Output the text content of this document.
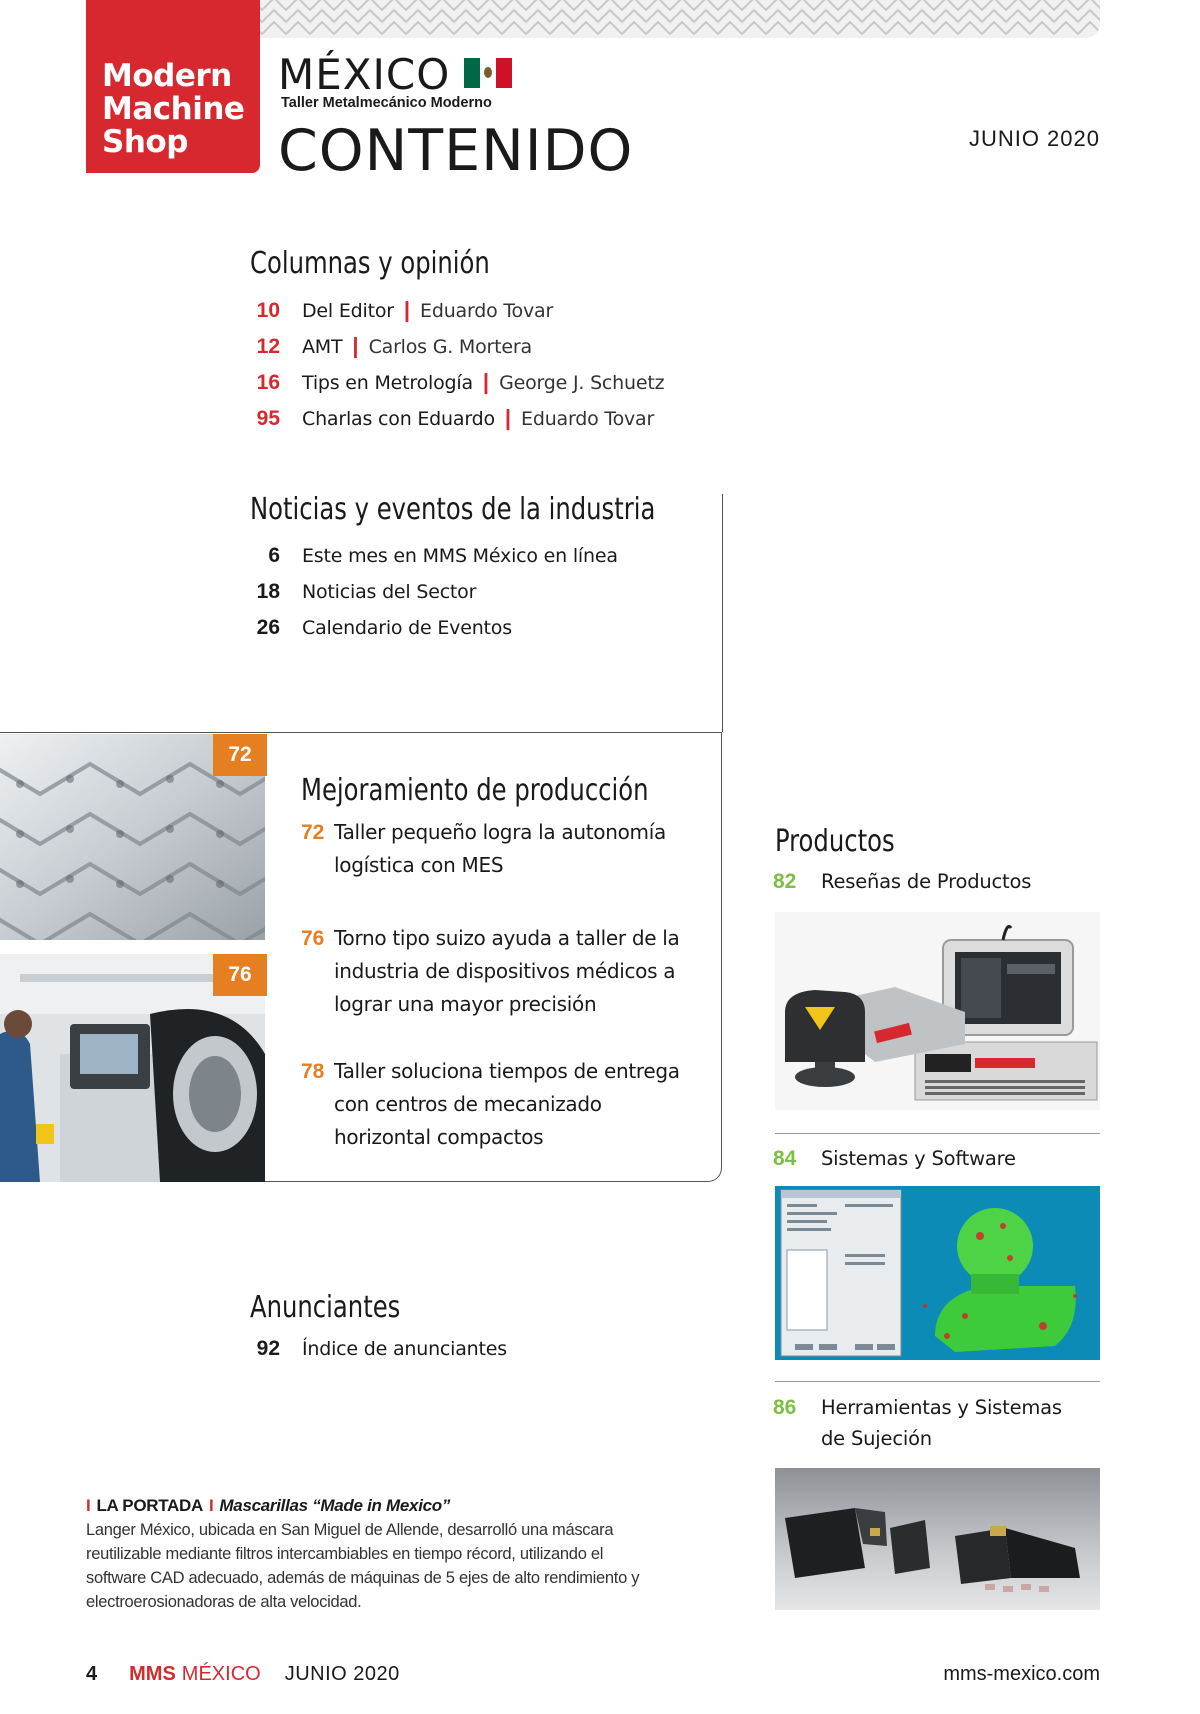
Modern
Machine
Shop
MÉXICO
Taller Metalmecánico Moderno
CONTENIDO	JUNIO 2020
Columnas y opinión
10 Del Editor | Eduardo Tovar
12 AMT | Carlos G. Mortera
16 Tips en Metrología | George J. Schuetz
95 Charlas con Eduardo | Eduardo Tovar
Noticias y eventos de la industria
6 Este mes en MMS México en línea
18 Noticias del Sector
26 Calendario de Eventos
72
76
Mejoramiento de producción
72 Taller pequeño logra la autonomía
logística con MES
76 Torno tipo suizo ayuda a taller de la
industria de dispositivos médicos a
lograr una mayor precisión
78 Taller soluciona tiempos de entrega
con centros de mecanizado
horizontal compactos
Productos
82	Reseñas de Productos
84	Sistemas y Software
86	Herramientas y Sistemas de Sujeción
Anunciantes
92 Índice de anunciantes
I LA PORTADA I Mascarillas “Made in Mexico”
Langer México, ubicada en San Miguel de Allende, desarrolló una máscara reutilizable mediante filtros intercambiables en tiempo récord, utilizando el software CAD adecuado, además de máquinas de 5 ejes de alto rendimiento y electroerosionadoras de alta velocidad.
4 MMS MÉXICO JUNIO 2020	mms-mexico.com
